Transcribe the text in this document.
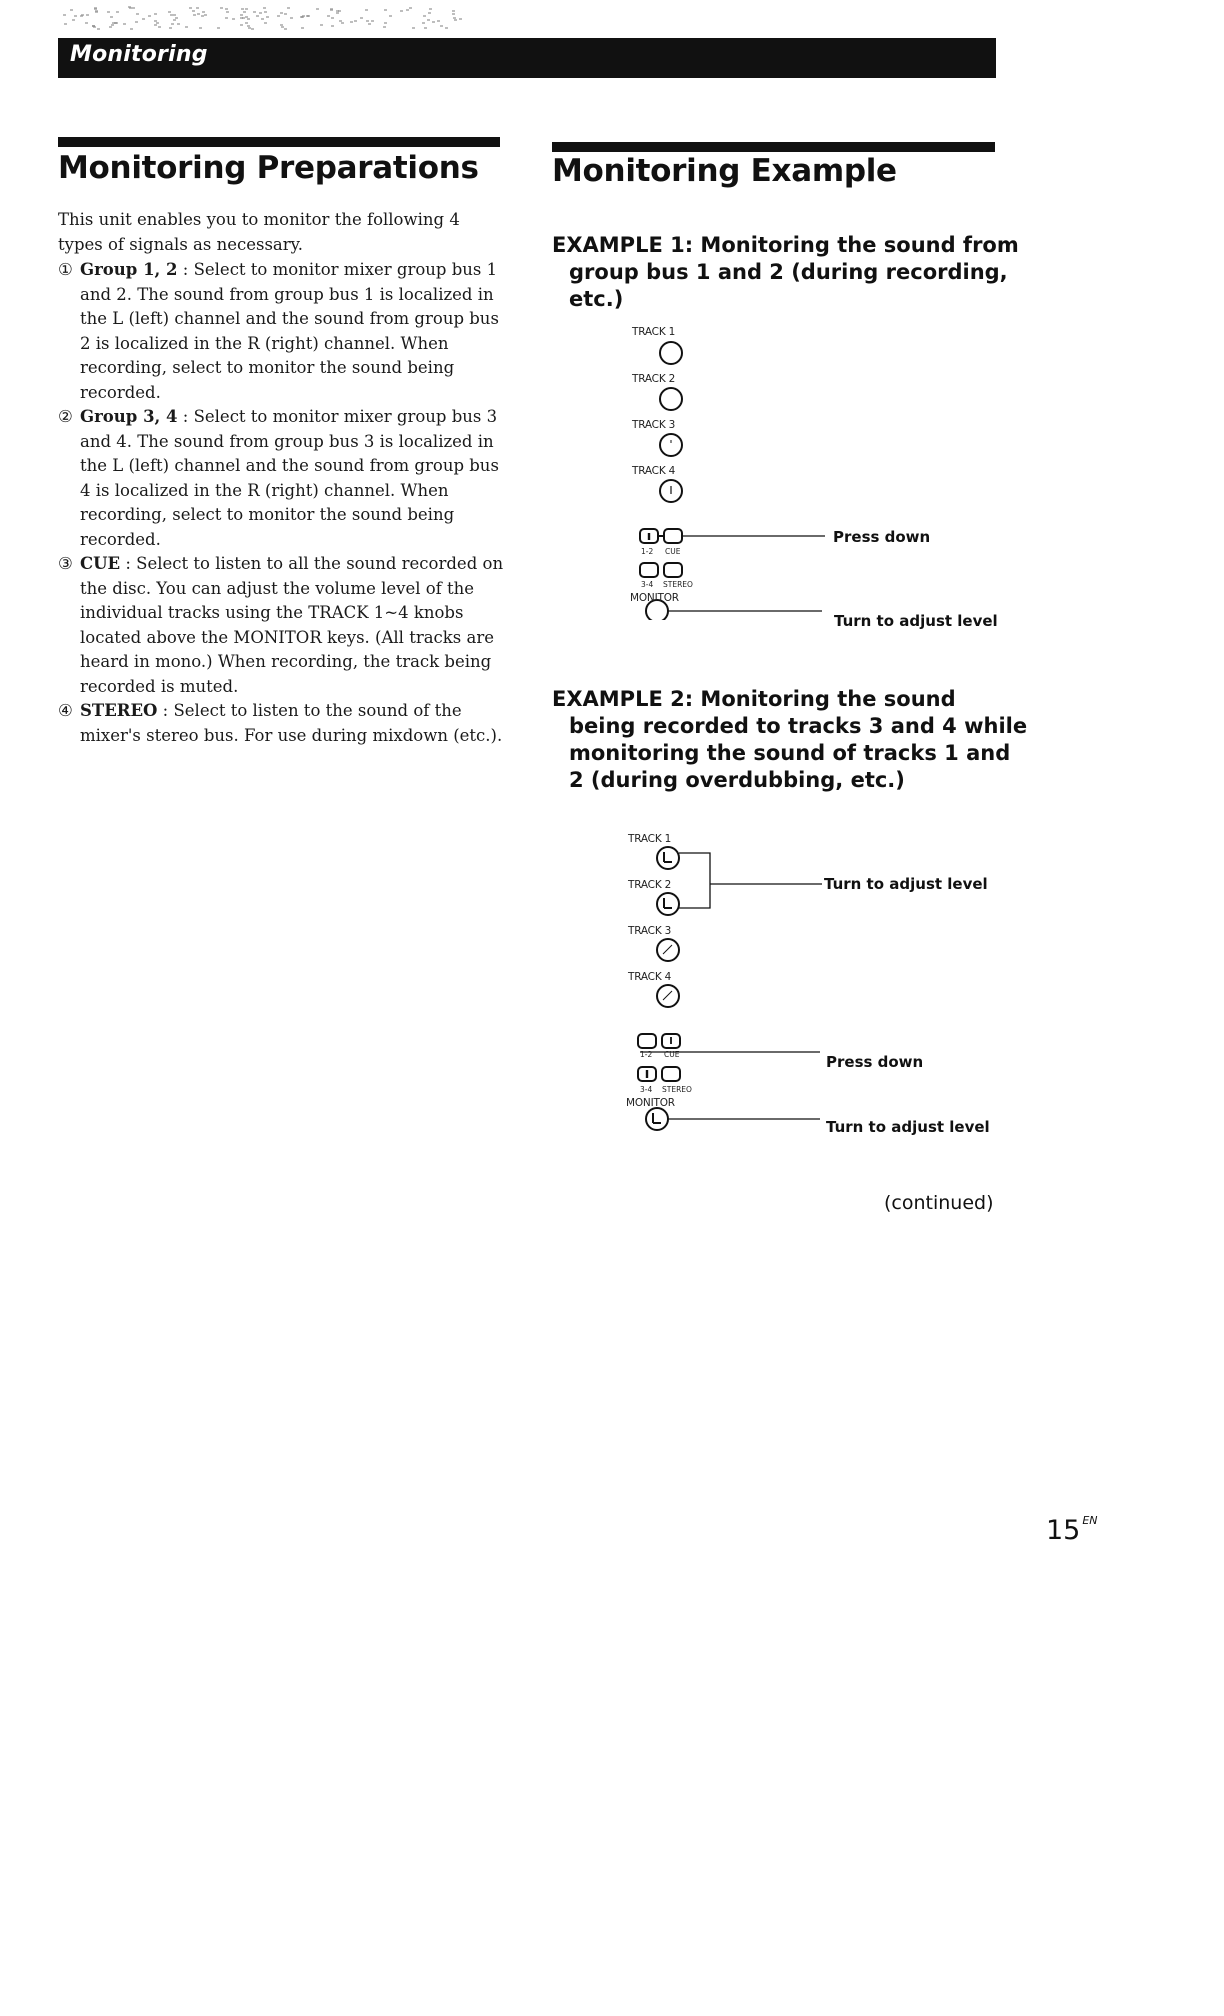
Monitoring
Monitoring Preparations

This unit enables you to monitor the following 4 types of signals as necessary.

① Group 1, 2 : Select to monitor mixer group bus 1 and 2. The sound from group bus 1 is localized in the L (left) channel and the sound from group bus 2 is localized in the R (right) channel. When recording, select to monitor the sound being recorded.

② Group 3, 4 : Select to monitor mixer group bus 3 and 4. The sound from group bus 3 is localized in the L (left) channel and the sound from group bus 4 is localized in the R (right) channel. When recording, select to monitor the sound being recorded.

③ CUE : Select to listen to all the sound recorded on the disc. You can adjust the volume level of the individual tracks using the TRACK 1~4 knobs located above the MONITOR keys. (All tracks are heard in mono.) When recording, the track being recorded is muted.

④ STEREO : Select to listen to the sound of the mixer's stereo bus. For use during mixdown (etc.).

Monitoring Example

EXAMPLE 1: Monitoring the sound from group bus 1 and 2 (during recording, etc.)

TRACK 1
TRACK 2
TRACK 3
TRACK 4
1-2 CUE
3-4 STEREO
MONITOR
Press down
Turn to adjust level

EXAMPLE 2: Monitoring the sound being recorded to tracks 3 and 4 while monitoring the sound of tracks 1 and 2 (during overdubbing, etc.)

TRACK 1
TRACK 2
TRACK 3
TRACK 4
1-2 CUE
3-4 STEREO
MONITOR
Turn to adjust level
Press down
Turn to adjust level
(continued)
15 $^{EN}$
